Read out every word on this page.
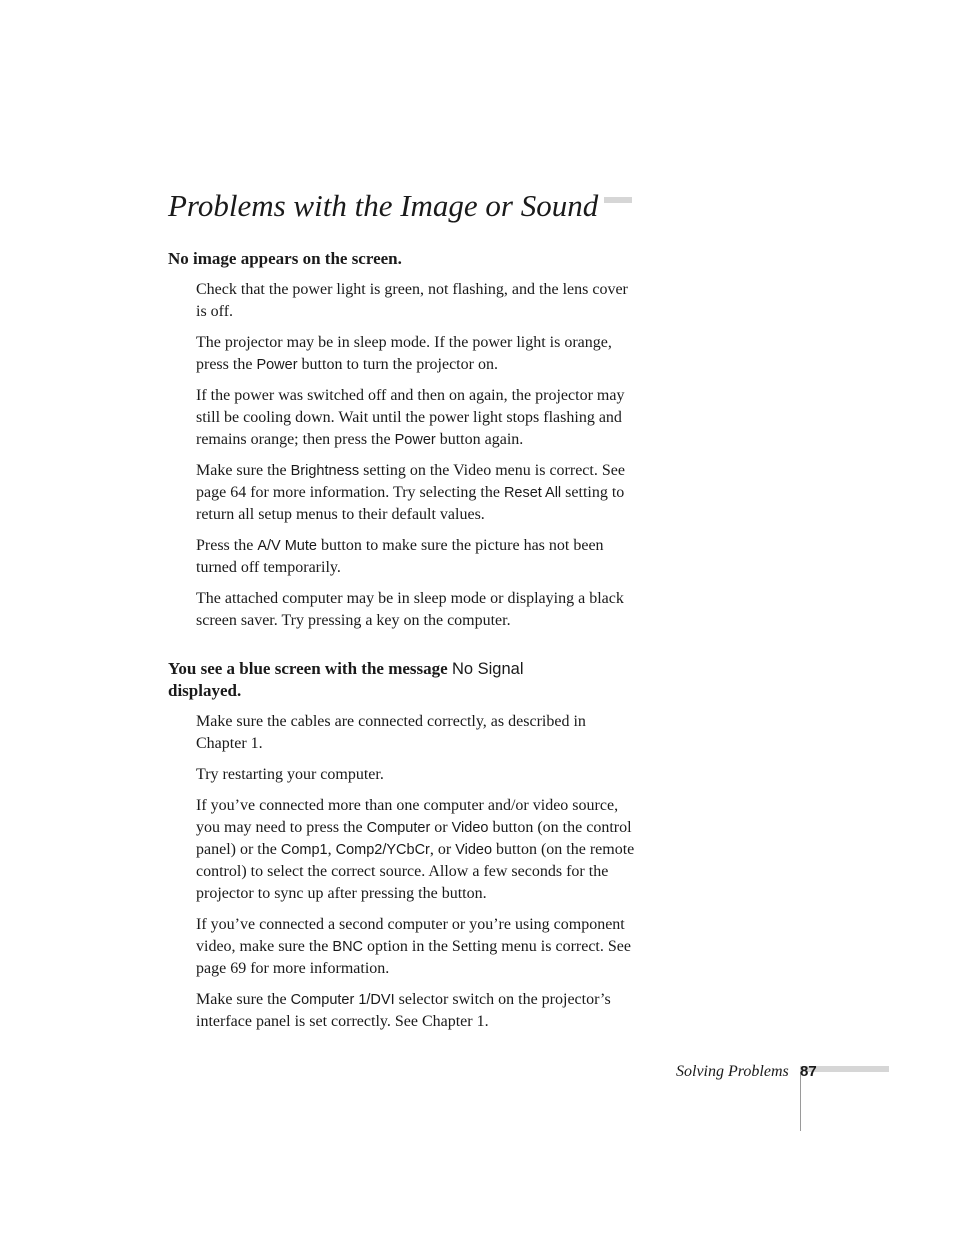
Problems with the Image or Sound
No image appears on the screen.

Check that the power light is green, not flashing, and the lens cover is off.

The projector may be in sleep mode. If the power light is orange, press the Power button to turn the projector on.

If the power was switched off and then on again, the projector may still be cooling down. Wait until the power light stops flashing and remains orange; then press the Power button again.

Make sure the Brightness setting on the Video menu is correct. See page 64 for more information. Try selecting the Reset All setting to return all setup menus to their default values.

Press the A/V Mute button to make sure the picture has not been turned off temporarily.

The attached computer may be in sleep mode or displaying a black screen saver. Try pressing a key on the computer.

You see a blue screen with the message No Signal displayed.

Make sure the cables are connected correctly, as described in Chapter 1.

Try restarting your computer.

If you’ve connected more than one computer and/or video source, you may need to press the Computer or Video button (on the control panel) or the Comp1, Comp2/YCbCr, or Video button (on the remote control) to select the correct source. Allow a few seconds for the projector to sync up after pressing the button.

If you’ve connected a second computer or you’re using component video, make sure the BNC option in the Setting menu is correct. See page 69 for more information.

Make sure the Computer 1/DVI selector switch on the projector’s interface panel is set correctly. See Chapter 1.

Solving Problems 87
